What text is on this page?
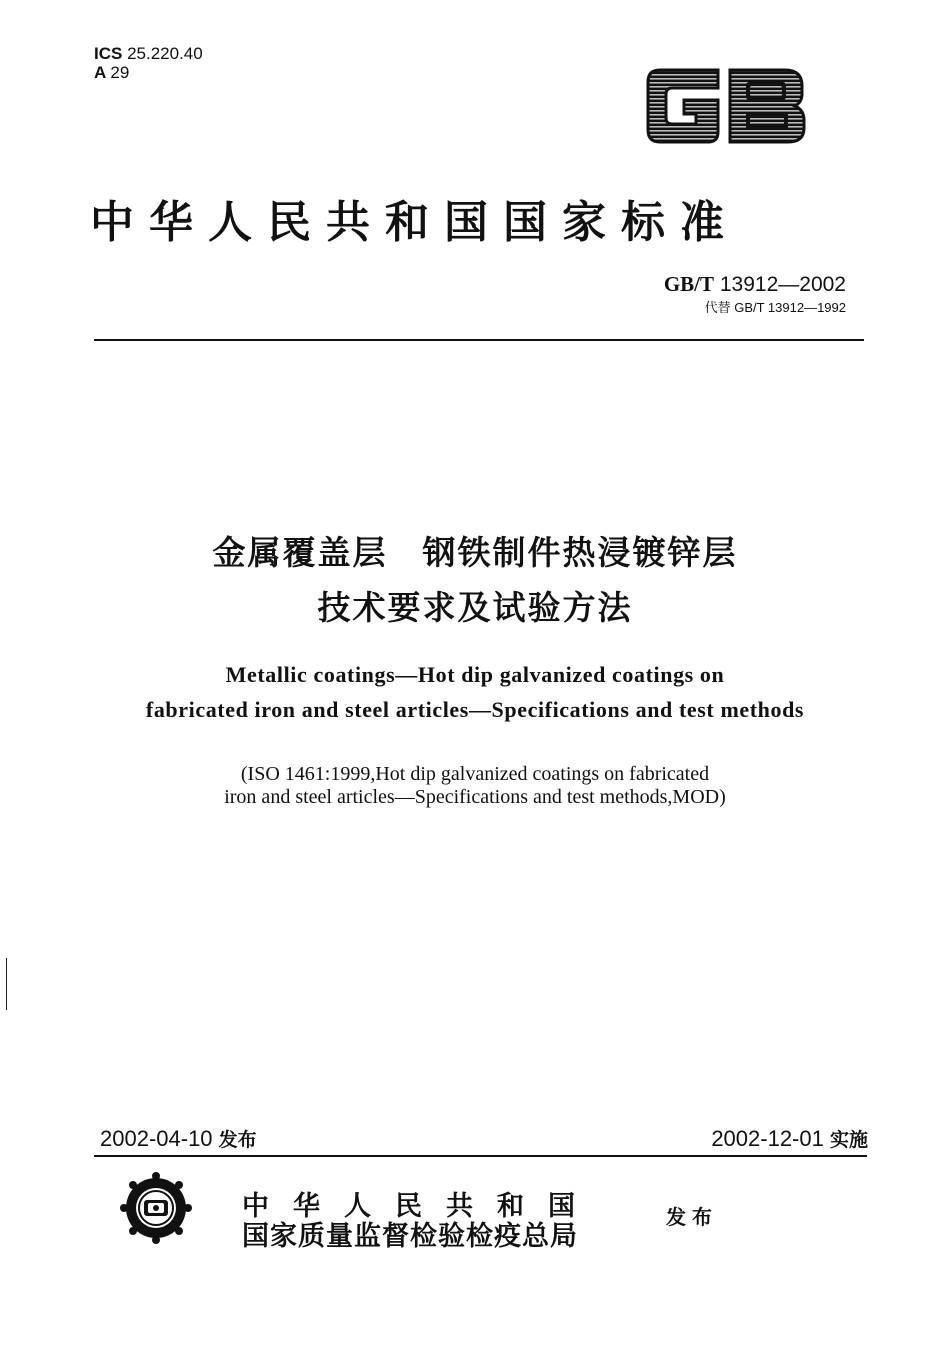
ICS 25.220.40
A 29
中华人民共和国国家标准
GB/T 13912—2002
代替 GB/T 13912—1992
金属覆盖层　钢铁制件热浸镀锌层
技术要求及试验方法
Metallic coatings—Hot dip galvanized coatings on
fabricated iron and steel articles—Specifications and test methods
(ISO 1461:1999,Hot dip galvanized coatings on fabricated
iron and steel articles—Specifications and test methods,MOD)
2002-04-10 发布	2002-12-01 实施
中华人民共和国
国家质量监督检验检疫总局
发布
